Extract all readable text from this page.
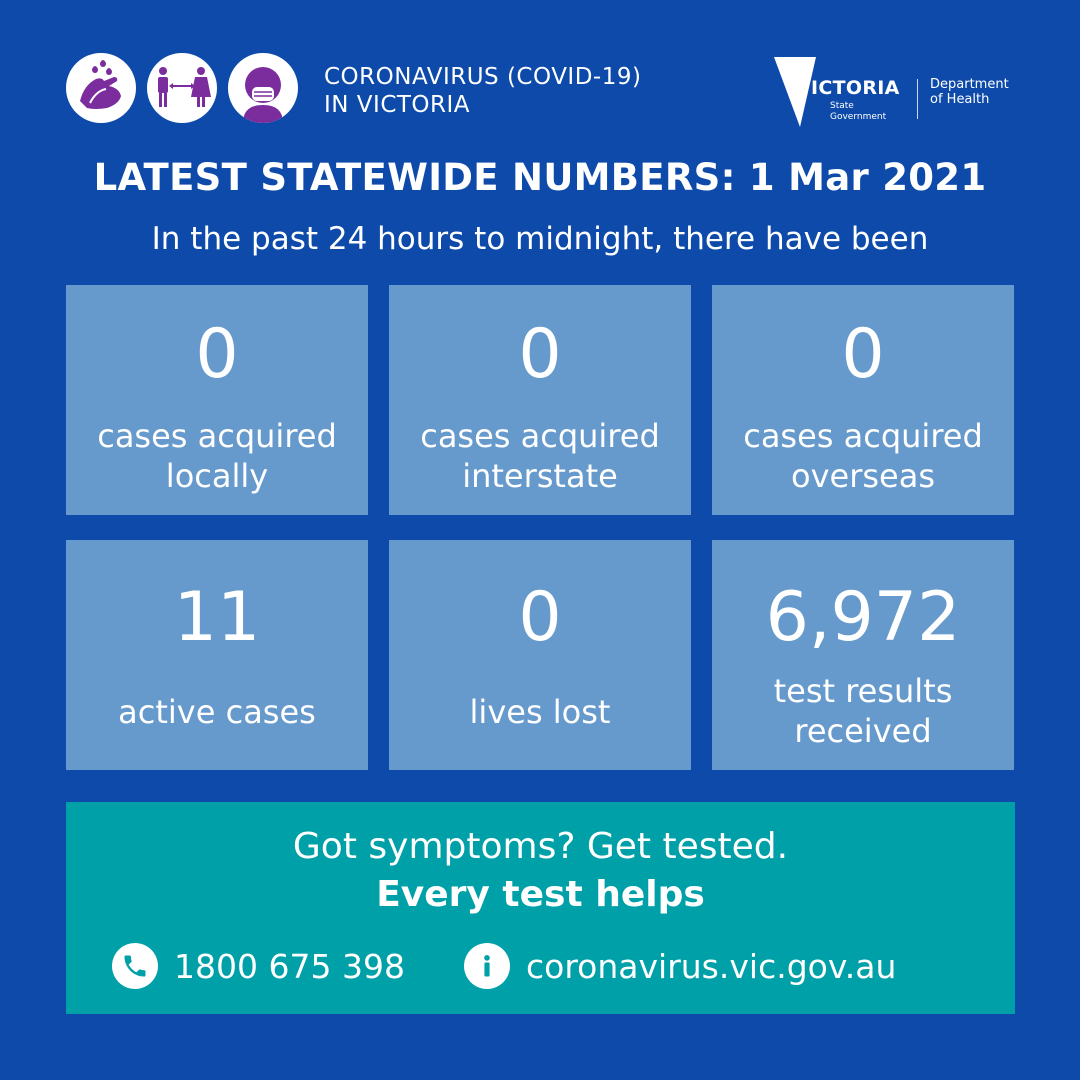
CORONAVIRUS (COVID-19)
IN VICTORIA
VICTORIA
State
Government
Department
of Health
LATEST STATEWIDE NUMBERS: 1 Mar 2021
In the past 24 hours to midnight, there have been
0
cases acquired
locally
0
cases acquired
interstate
0
cases acquired
overseas
11
active cases
0
lives lost
6,972
test results
received
Got symptoms? Get tested.
Every test helps
1800 675 398	coronavirus.vic.gov.au
